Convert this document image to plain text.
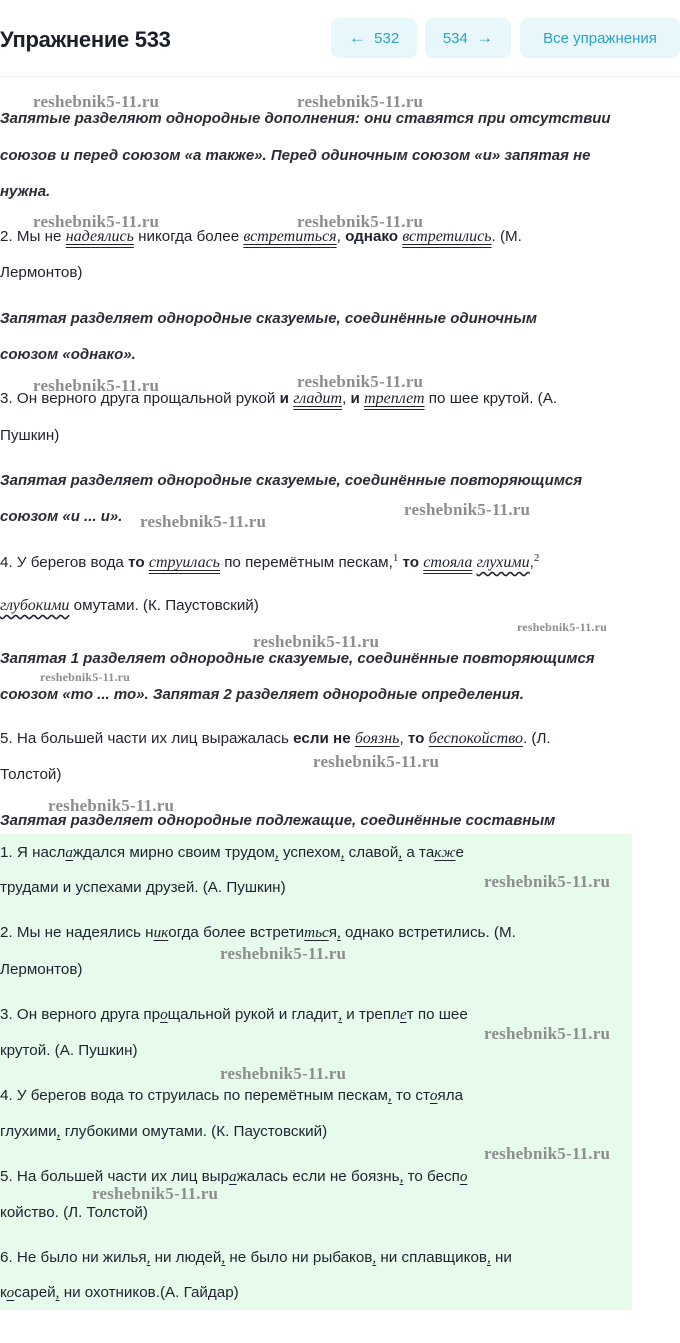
Упражнение 533	←
532	534
→	Все упражнения
Запятые разделяют однородные дополнения: они ставятся при отсутствии
союзов и перед союзом «а также». Перед одиночным союзом «и» запятая не
нужна.
2. Мы не надеялись никогда более встретиться, однако встретились. (М.
Лермонтов)
Запятая разделяет однородные сказуемые, соединённые одиночным
союзом «однако».
3. Он верного друга прощальной рукой и гладит, и треплет по шее крутой. (А.
Пушкин)
Запятая разделяет однородные сказуемые, соединённые повторяющимся
союзом «и ... и».
4. У берегов вода то струилась по перемётным пескам,$^1$ то стояла глухими,$^2$
глубокими омутами. (К. Паустовский)
Запятая 1 разделяет однородные сказуемые, соединённые повторяющимся
союзом «то ... то». Запятая 2 разделяет однородные определения.
5. На большей части их лиц выражалась если не боязнь, то беспокойство. (Л.
Толстой)
Запятая разделяет однородные подлежащие, соединённые составным
1. Я наслаждался мирно своим трудом, успехом, славой, а также
трудами и успехами друзей. (А. Пушкин)
2. Мы не надеялись никогда более встретиться, однако встретились. (М.
Лермонтов)
3. Он верного друга прощальной рукой и гладит, и треплет по шее
крутой. (А. Пушкин)
4. У берегов вода то струилась по перемётным пескам, то стояла
глухими, глубокими омутами. (К. Паустовский)
5. На большей части их лиц выражалась если не боязнь, то беспо
койство. (Л. Толстой)
6. Не было ни жилья, ни людей, не было ни рыбаков, ни сплавщиков, ни
косарей, ни охотников.(А. Гайдар)
reshebnik5-11.ru	reshebnik5-11.ru
reshebnik5-11.ru	reshebnik5-11.ru
reshebnik5-11.ru	reshebnik5-11.ru
reshebnik5-11.ru
reshebnik5-11.ru
reshebnik5-11.ru
reshebnik5-11.ru
reshebnik5-11.ru
reshebnik5-11.ru
reshebnik5-11.ru
reshebnik5-11.ru
reshebnik5-11.ru
reshebnik5-11.ru
reshebnik5-11.ru
reshebnik5-11.ru
reshebnik5-11.ru
